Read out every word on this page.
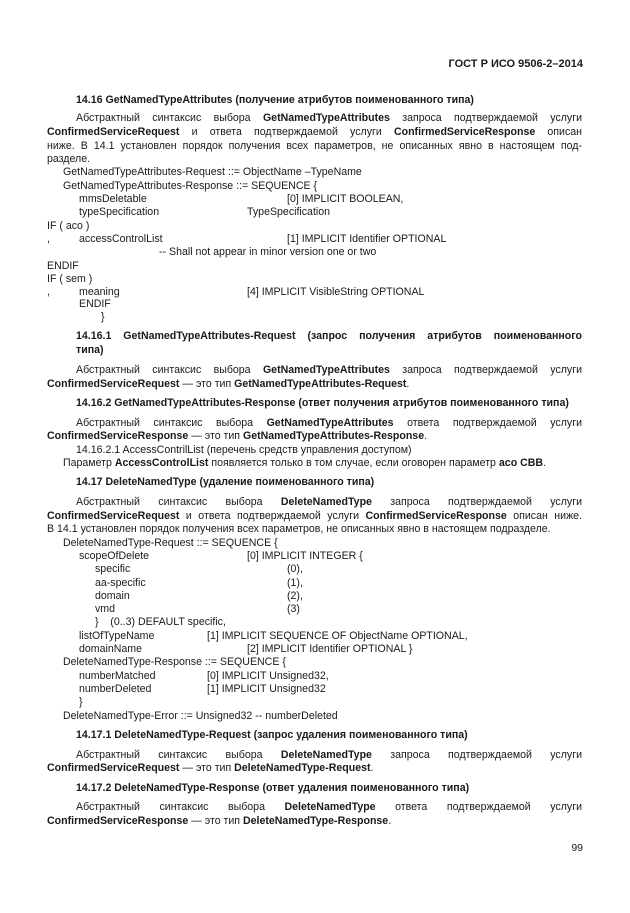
ГОСТ Р ИСО 9506-2–2014
14.16 GetNamedTypeAttributes (получение атрибутов поименованного типа)
Абстрактный синтаксис выбора GetNamedTypeAttributes запроса подтверждаемой услуги
ConfirmedServiceRequest и ответа подтверждаемой услуги ConfirmedServiceResponse описан
ниже. В 14.1 установлен порядок получения всех параметров, не описанных явно в настоящем под-
разделе.
GetNamedTypeAttributes-Request ::= ObjectName –TypeName
GetNamedTypeAttributes-Response ::= SEQUENCE {
mmsDeletable	[0] IMPLICIT BOOLEAN,
typeSpecification	TypeSpecification
IF ( aco )
,	accessControlList	[1] IMPLICIT Identifier OPTIONAL
-- Shall not appear in minor version one or two
ENDIF
IF ( sem )
,	meaning	[4] IMPLICIT VisibleString OPTIONAL
ENDIF
}
14.16.1 GetNamedTypeAttributes-Request (запрос получения атрибутов поименованного
типа)
Абстрактный синтаксис выбора GetNamedTypeAttributes запроса подтверждаемой услуги
ConfirmedServiceRequest — это тип GetNamedTypeAttributes-Request.
14.16.2 GetNamedTypeAttributes-Response (ответ получения атрибутов поименованного типа)
Абстрактный синтаксис выбора GetNamedTypeAttributes ответа подтверждаемой услуги
ConfirmedServiceResponse — это тип GetNamedTypeAttributes-Response.
14.16.2.1 AccessContrilList (перечень средств управления доступом)
Параметр AccessControlList появляется только в том случае, если оговорен параметр aco CBB.
14.17 DeleteNamedType (удаление поименованного типа)
Абстрактный синтаксис выбора DeleteNamedType запроса подтверждаемой услуги
ConfirmedServiceRequest и ответа подтверждаемой услуги ConfirmedServiceResponse описан ниже.
В 14.1 установлен порядок получения всех параметров, не описанных явно в настоящем подразделе.
DeleteNamedType-Request ::= SEQUENCE {
scopeOfDelete	[0] IMPLICIT INTEGER {
specific	(0),
aa-specific	(1),
domain	(2),
vmd	(3)
}    (0..3) DEFAULT specific,
listOfTypeName	[1] IMPLICIT SEQUENCE OF ObjectName OPTIONAL,
domainName	[2] IMPLICIT Identifier OPTIONAL }
DeleteNamedType-Response ::= SEQUENCE {
numberMatched	[0] IMPLICIT Unsigned32,
numberDeleted	[1] IMPLICIT Unsigned32
}
DeleteNamedType-Error ::= Unsigned32 -- numberDeleted
14.17.1 DeleteNamedType-Request (запрос удаления поименованного типа)
Абстрактный синтаксис выбора DeleteNamedType запроса подтверждаемой услуги
ConfirmedServiceRequest — это тип DeleteNamedType-Request.
14.17.2 DeleteNamedType-Response (ответ удаления поименованного типа)
Абстрактный синтаксис выбора DeleteNamedType ответа подтверждаемой услуги
ConfirmedServiceResponse — это тип DeleteNamedType-Response.
99
